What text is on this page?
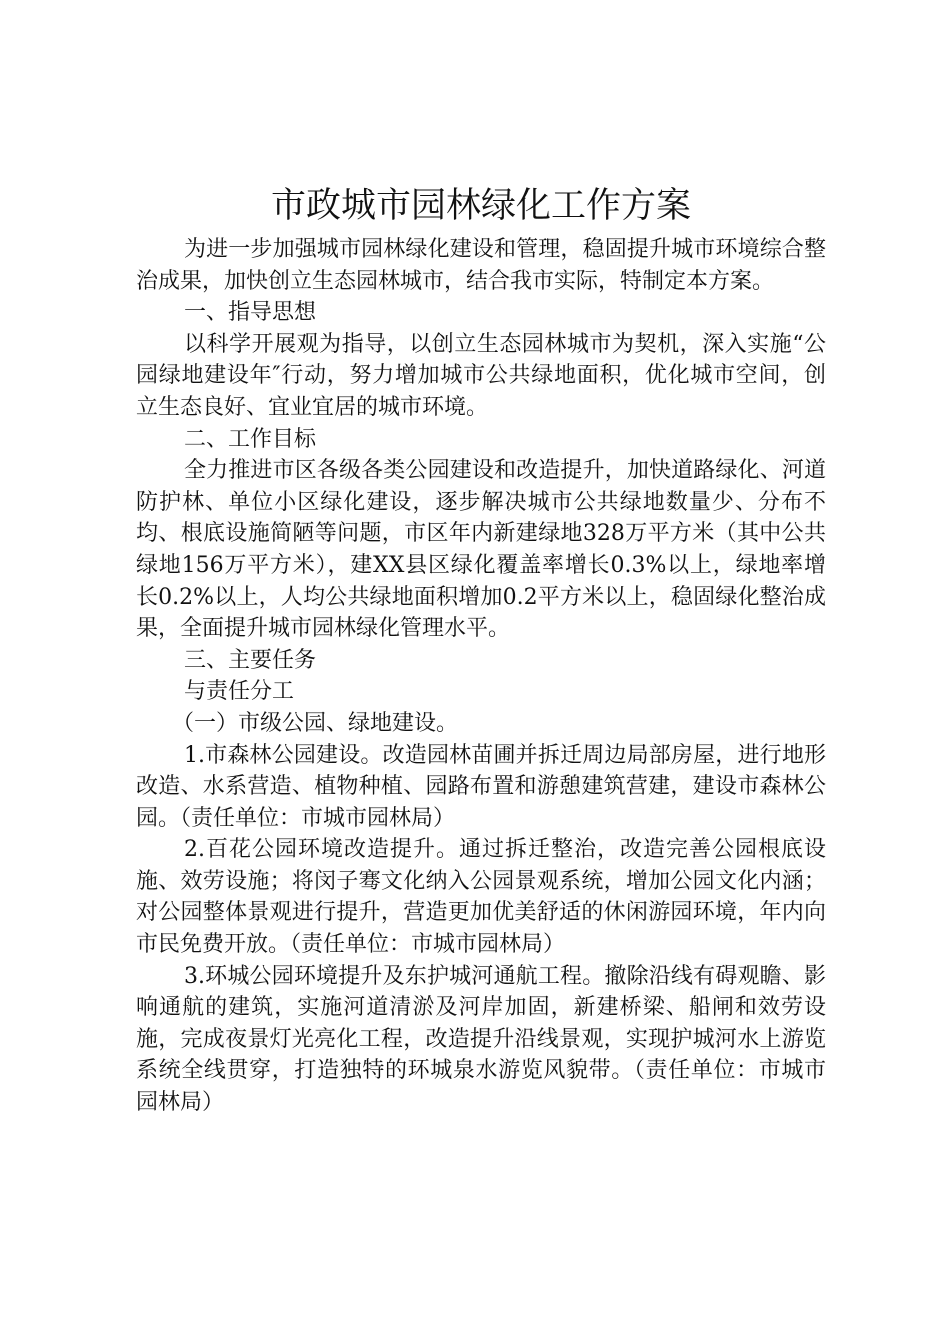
市政城市园林绿化工作方案

为进一步加强城市园林绿化建设和管理，稳固提升城市环境综合整治成果，加快创立生态园林城市，结合我市实际，特制定本方案。

一、指导思想

以科学开展观为指导，以创立生态园林城市为契机，深入实施“公园绿地建设年″行动，努力增加城市公共绿地面积，优化城市空间，创立生态良好、宜业宜居的城市环境。

二、工作目标

全力推进市区各级各类公园建设和改造提升，加快道路绿化、河道防护林、单位小区绿化建设，逐步解决城市公共绿地数量少、分布不均、根底设施简陋等问题，市区年内新建绿地328万平方米（其中公共绿地156万平方米），建XX县区绿化覆盖率增长0.3%以上，绿地率增长0.2%以上，人均公共绿地面积增加0.2平方米以上，稳固绿化整治成果，全面提升城市园林绿化管理水平。

三、主要任务

与责任分工

（一）市级公园、绿地建设。

1.市森林公园建设。改造园林苗圃并拆迁周边局部房屋，进行地形改造、水系营造、植物种植、园路布置和游憩建筑营建，建设市森林公园。（责任单位：市城市园林局）

2.百花公园环境改造提升。通过拆迁整治，改造完善公园根底设施、效劳设施；将闵子骞文化纳入公园景观系统，增加公园文化内涵；对公园整体景观进行提升，营造更加优美舒适的休闲游园环境，年内向市民免费开放。（责任单位：市城市园林局）

3.环城公园环境提升及东护城河通航工程。撤除沿线有碍观瞻、影响通航的建筑，实施河道清淤及河岸加固，新建桥梁、船闸和效劳设施，完成夜景灯光亮化工程，改造提升沿线景观，实现护城河水上游览系统全线贯穿，打造独特的环城泉水游览风貌带。（责任单位：市城市园林局）
